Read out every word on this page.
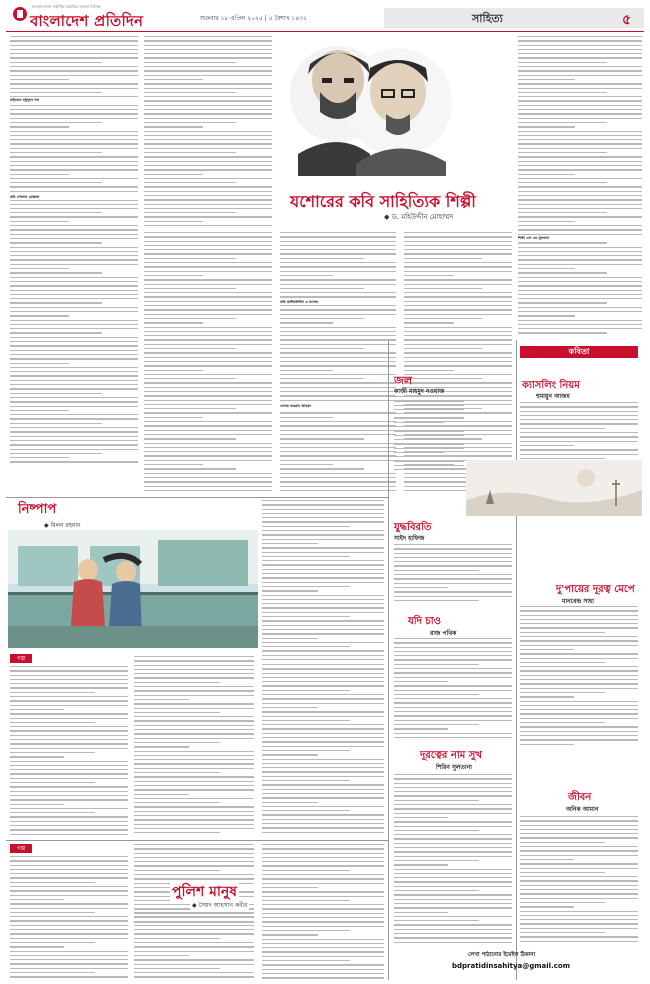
বাংলাদেশের সর্বাধিক প্রচারিত বাংলা দৈনিক
বাংলাদেশ প্রতিদিন	শুক্রবার ১৮ এপ্রিল ২০২৫ | ৫ বৈশাখ ১৪৩২	সাহিত্য	৫
যশোরের কবি সাহিত্যিক শিল্পী
◆ ড. মহিউদ্দীন মোহাম্মদ
মাইকেল মধুসূদন দত্ত
কবি গোলাম মোস্তফা
কবি জসীমউদ্দীন ও যশোর
লেখক ফররুখ আহমদ
শিল্পী এস এম সুলতান
কবিতা
জল
কাজী মাহমুদ নওয়াজ
ক্যাসলিং নিয়ম
হুমায়ুন আজম
যুদ্ধবিরতি
সাইদ হাফিজ
দু'পায়ের দূরত্ব মেপে
মানবেন্দ্র সাহা
যদি চাও
রাজ পথিক
দূরত্বের নাম সুখ
শিরিন সুলতানা
জীবন
অনিক আমান
লেখা পাঠানোর ইমেইল ঠিকানা
bdpratidinsahitya@gmail.com
নিষ্পাপ
◆ মিলন রহমান
গল্প
গল্প
পুলিশ মানুষ
◆ সৈয়দ আহসান কবীর
